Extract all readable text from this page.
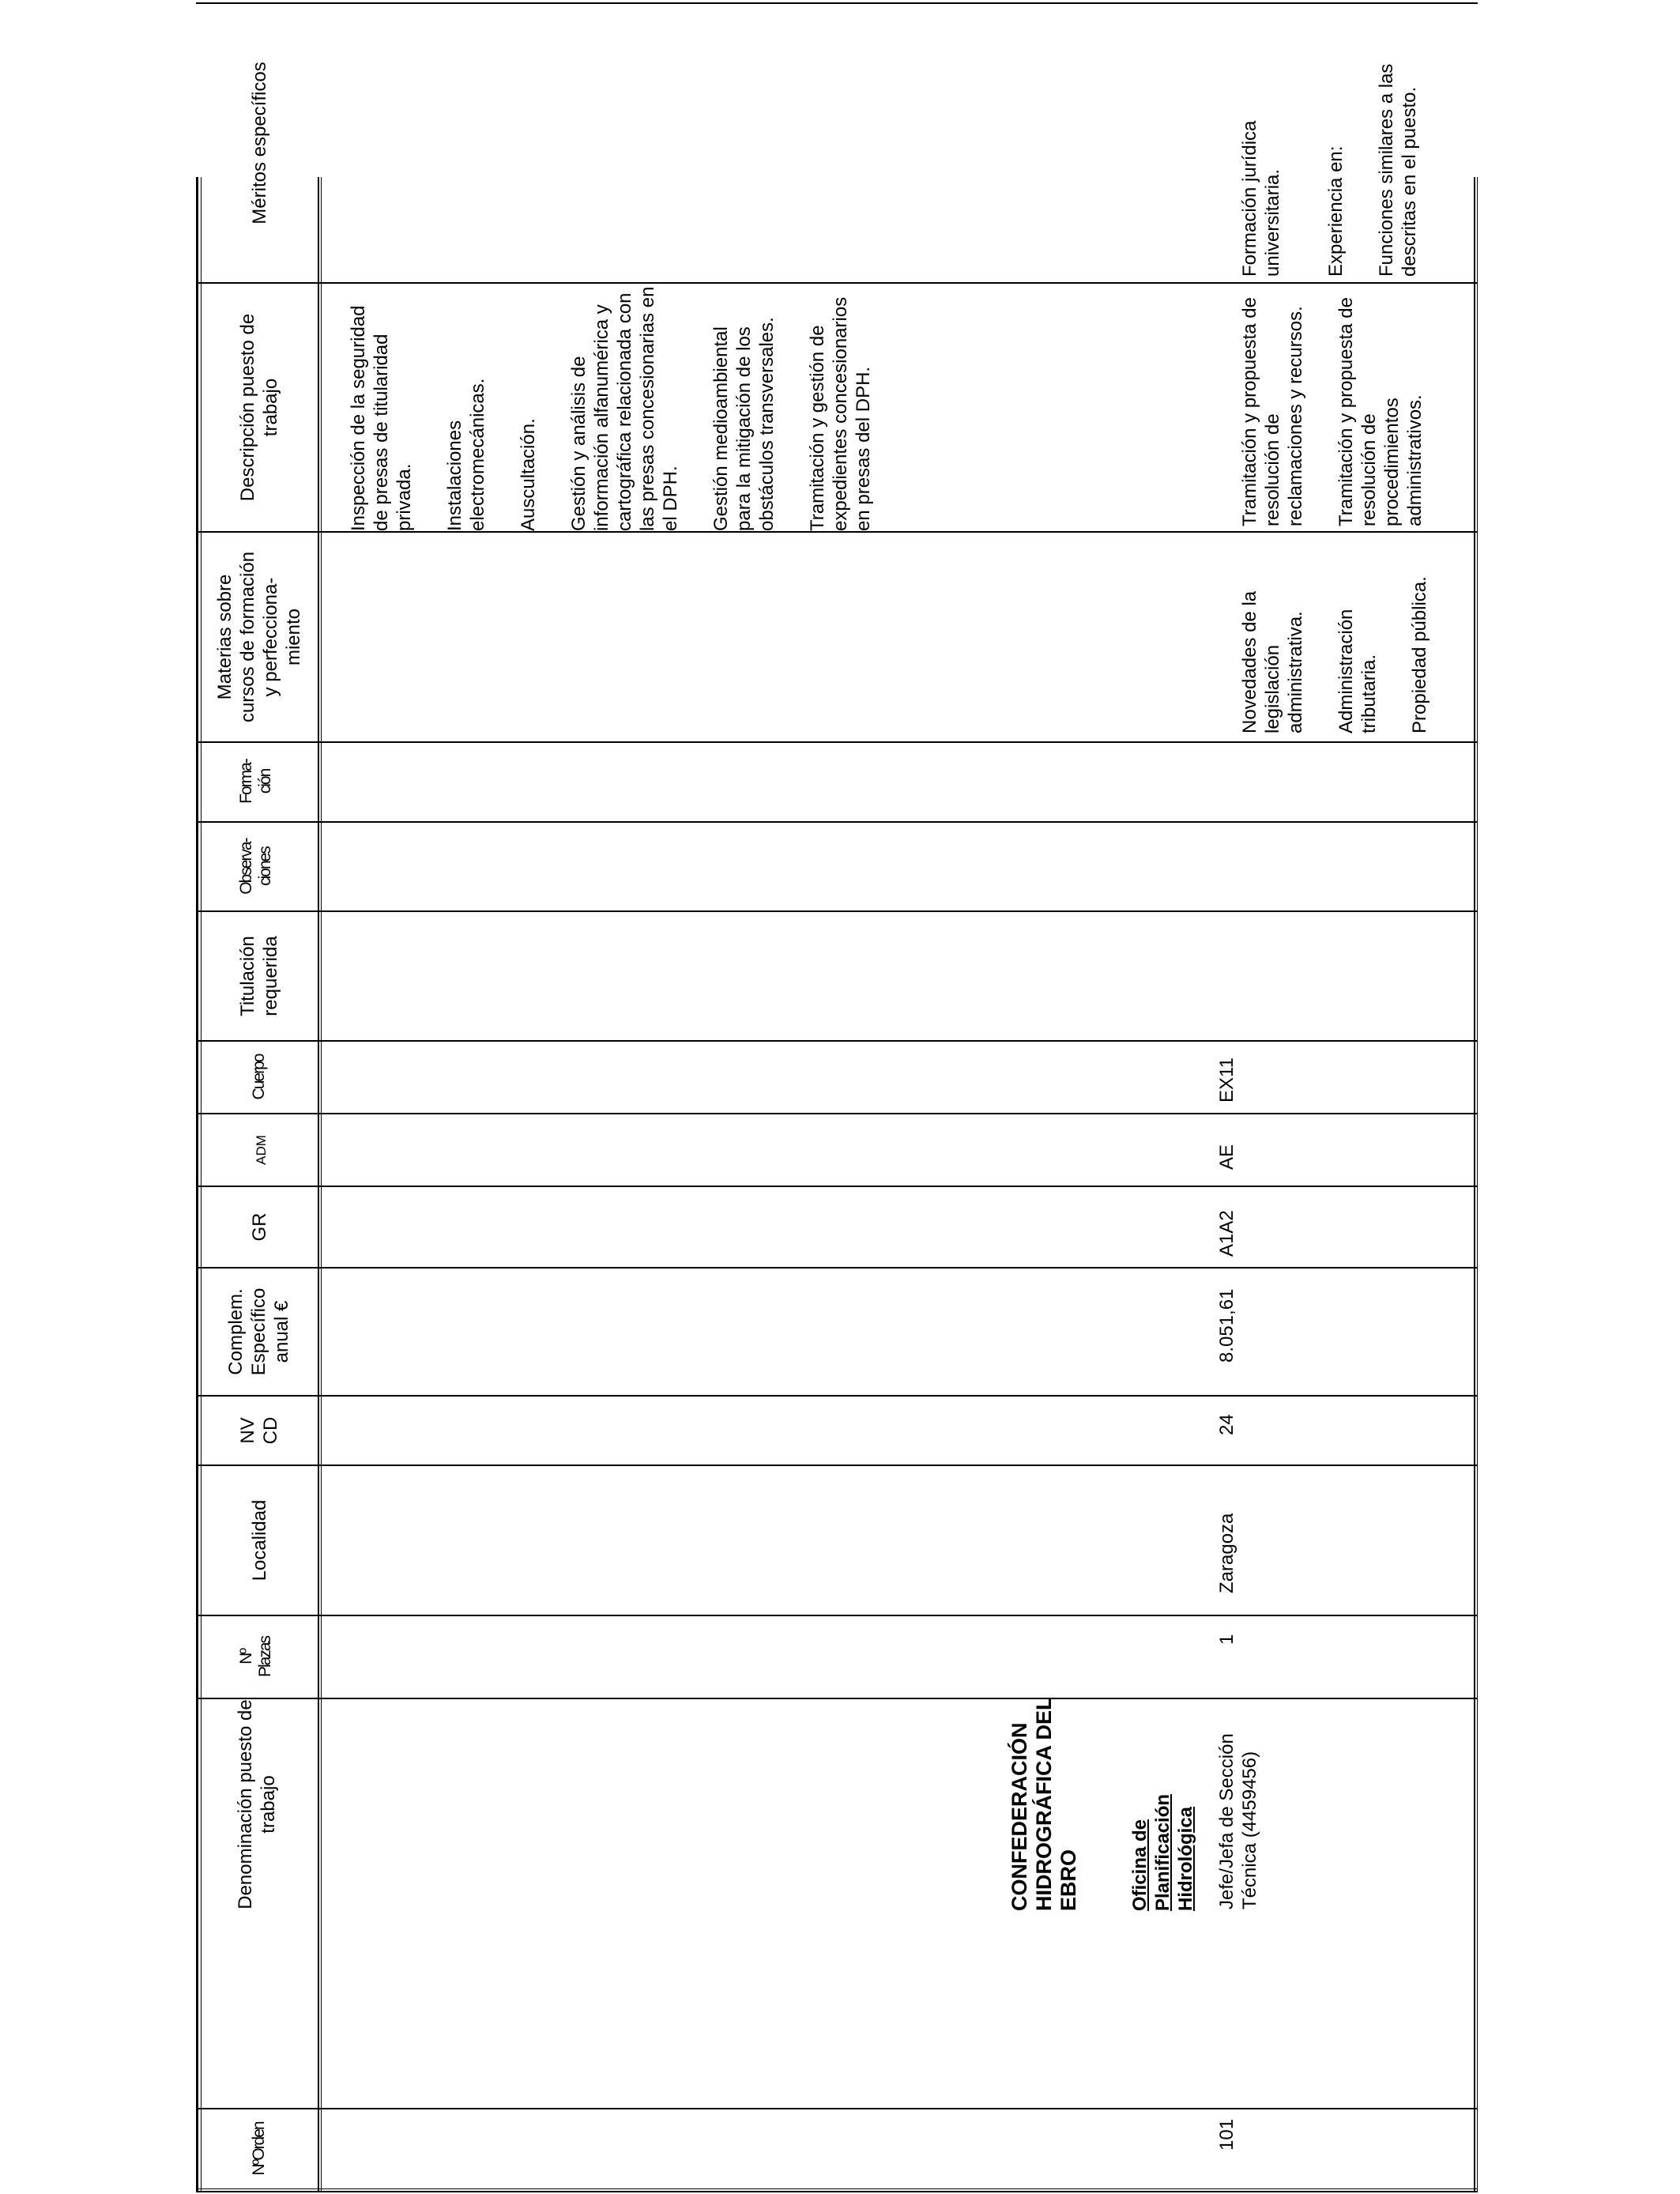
NºOrden
Denominación puesto de trabajo
Nº
Plazas
Localidad
NV
CD
Complem.
Específico
anual €
GR
ADM
Cuerpo
Titulación
requerida
Observa-
ciones
Forma-
ción
Materias sobre
cursos de formación
y perfecciona-
miento
Descripción puesto de
trabajo
Méritos específicos

Inspección de la seguridad de presas de titularidad privada. Instalaciones electromecánicas. Auscultación. Gestión y análisis de información alfanumérica y cartográfica relacionada con las presas concesionarias en el DPH. Gestión medioambiental para la mitigación de los obstáculos transversales. Tramitación y gestión de expedientes concesionarios en presas del DPH.

CONFEDERACIÓN HIDROGRÁFICA DEL EBRO	Oficina de Planificación Hidrológica
101
Jefe/Jefa de Sección Técnica (4459456)
1
Zaragoza
24
8.051,61
A1A2
AE
EX11

Novedades de la legislación administrativa. Administración tributaria. Propiedad pública.

Tramitación y propuesta de resolución de reclamaciones y recursos. Tramitación y propuesta de resolución de procedimientos administrativos.

Formación jurídica universitaria. Experiencia en: Funciones similares a las descritas en el puesto.
